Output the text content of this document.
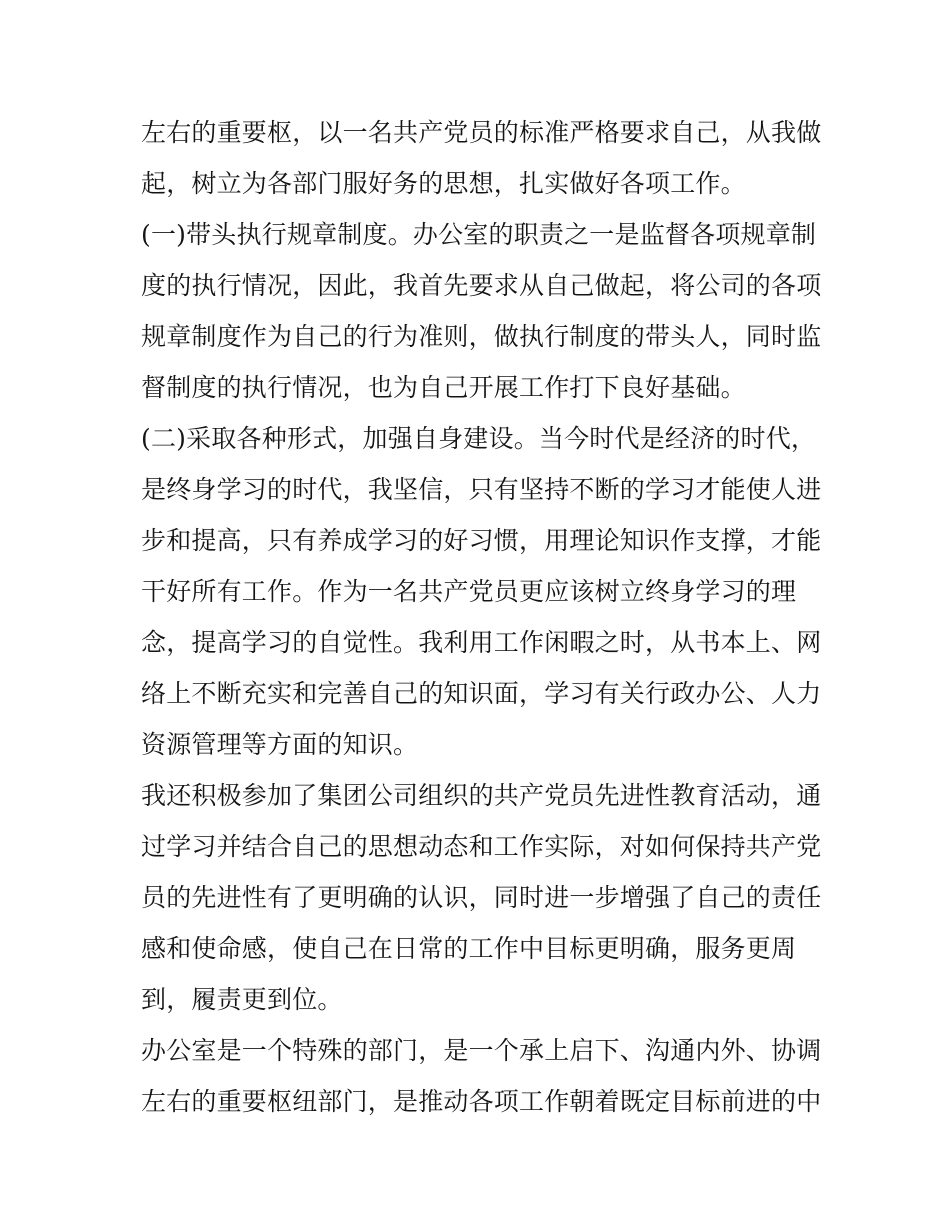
左右的重要枢，以一名共产党员的标准严格要求自己，从我做
起，树立为各部门服好务的思想，扎实做好各项工作。
(一)带头执行规章制度。办公室的职责之一是监督各项规章制
度的执行情况，因此，我首先要求从自己做起，将公司的各项
规章制度作为自己的行为准则，做执行制度的带头人，同时监
督制度的执行情况，也为自己开展工作打下良好基础。
(二)采取各种形式，加强自身建设。当今时代是经济的时代，
是终身学习的时代，我坚信，只有坚持不断的学习才能使人进
步和提高，只有养成学习的好习惯，用理论知识作支撑，才能
干好所有工作。作为一名共产党员更应该树立终身学习的理
念，提高学习的自觉性。我利用工作闲暇之时，从书本上、网
络上不断充实和完善自己的知识面，学习有关行政办公、人力
资源管理等方面的知识。
我还积极参加了集团公司组织的共产党员先进性教育活动，通
过学习并结合自己的思想动态和工作实际，对如何保持共产党
员的先进性有了更明确的认识，同时进一步增强了自己的责任
感和使命感，使自己在日常的工作中目标更明确，服务更周
到，履责更到位。
办公室是一个特殊的部门，是一个承上启下、沟通内外、协调
左右的重要枢纽部门，是推动各项工作朝着既定目标前进的中
